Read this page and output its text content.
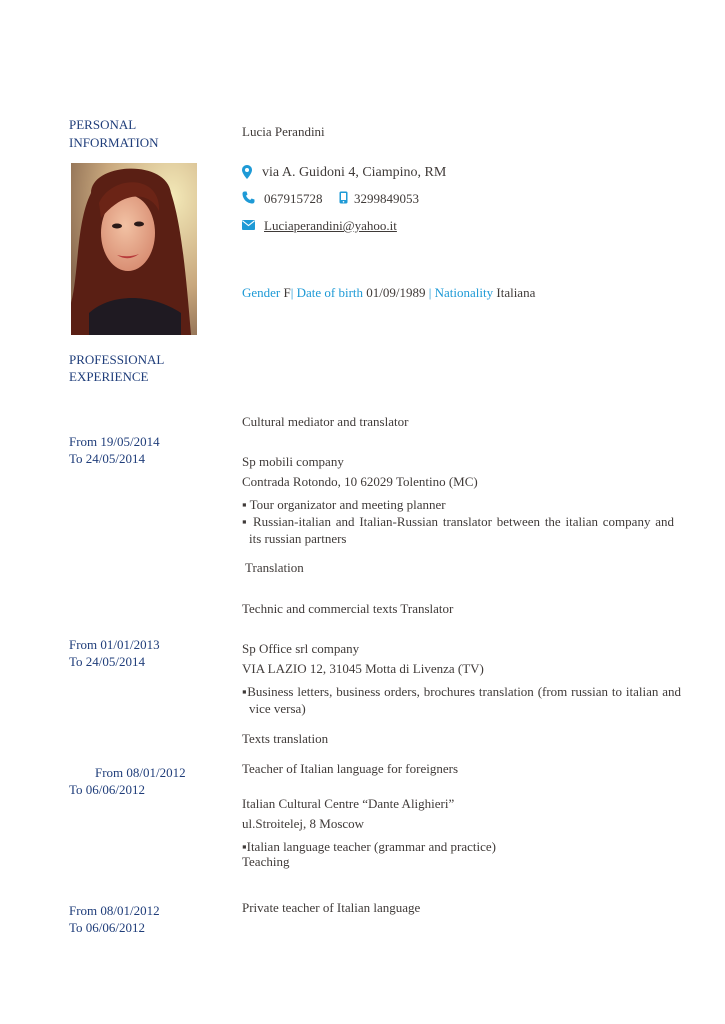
PERSONAL
INFORMATION
Lucia Perandini
via A. Guidoni 4, Ciampino, RM
067915728 3299849053
Luciaperandini@yahoo.it
Gender F| Date of birth 01/09/1989 | Nationality Italiana
PROFESSIONAL
EXPERIENCE
Cultural mediator and translator
From 19/05/2014
To 24/05/2014	Sp mobili company
Contrada Rotondo, 10 62029 Tolentino (MC)
▪ Tour organizator and meeting planner
▪ Russian-italian and Italian-Russian translator between the italian company and its russian partners
Translation
Technic and commercial texts Translator
From 01/01/2013
To 24/05/2014
Sp Office srl company
VIA LAZIO 12, 31045 Motta di Livenza (TV)
▪Business letters, business orders, brochures translation (from russian to italian and vice versa)
Texts translation
From 08/01/2012
To 06/06/2012
Teacher of Italian language for foreigners
Italian Cultural Centre “Dante Alighieri”
ul.Stroitelej, 8 Moscow
▪Italian language teacher (grammar and practice)
Teaching
From 08/01/2012
To 06/06/2012
Private teacher of Italian language
